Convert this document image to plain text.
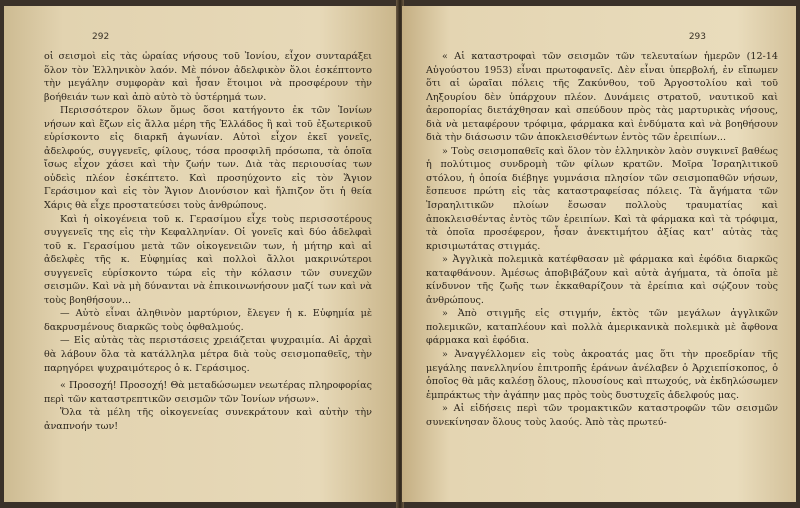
292

οἱ σεισμοὶ εἰς τὰς ὡραίας νήσους τοῦ Ἰονίου, εἶχον συνταράξει ὅλον τὸν Ἑλληνικὸν λαόν. Μὲ πόνον ἀδελφικὸν ὅλοι ἐσκέπτοντο τὴν μεγάλην συμφορὰν καὶ ἦσαν ἕτοιμοι νὰ προσφέρουν τὴν βοήθειάν των καὶ ἀπὸ αὐτὸ τὸ ὑστέρημά των.

Περισσότερον ὅλων ὅμως ὅσοι κατήγοντο ἐκ τῶν Ἰονίων νήσων καὶ ἔζων εἰς ἄλλα μέρη τῆς Ἑλλάδος ἢ καὶ τοῦ ἐξωτερικοῦ εὑρίσκοντο εἰς διαρκῆ ἀγωνίαν. Αὐτοὶ εἶχον ἐκεῖ γονεῖς, ἀδελφούς, συγγενεῖς, φίλους, τόσα προσφιλῆ πρόσωπα, τὰ ὁποῖα ἴσως εἶχον χάσει καὶ τὴν ζωήν των. Διὰ τὰς περιουσίας των οὐδεὶς πλέον ἐσκέπτετο. Καὶ προσηύχοντο εἰς τὸν Ἅγιον Γεράσιμον καὶ εἰς τὸν Ἅγιον Διονύσιον καὶ ἤλπιζον ὅτι ἡ θεία Χάρις θὰ εἶχε προστατεύσει τοὺς ἀνθρώπους.

Καὶ ἡ οἰκογένεια τοῦ κ. Γερασίμου εἶχε τοὺς περισσοτέρους συγγενεῖς της εἰς τὴν Κεφαλληνίαν. Οἱ γονεῖς καὶ δύο ἀδελφαὶ τοῦ κ. Γερασίμου μετὰ τῶν οἰκογενειῶν των, ἡ μήτηρ καὶ αἱ ἀδελφὲς τῆς κ. Εὐφημίας καὶ πολλοὶ ἄλλοι μακρινώτεροι συγγενεῖς εὑρίσκοντο τώρα εἰς τὴν κόλασιν τῶν συνεχῶν σεισμῶν. Καὶ νὰ μὴ δύνανται νὰ ἐπικοινωνήσουν μαζί των καὶ νὰ τοὺς βοηθήσουν...

— Αὐτὸ εἶναι ἀληθινὸν μαρτύριον, ἔλεγεν ἡ κ. Εὐφημία μὲ δακρυσμένους διαρκῶς τοὺς ὀφθαλμούς.

— Εἰς αὐτὰς τὰς περιστάσεις χρειάζεται ψυχραιμία. Αἱ ἀρχαὶ θὰ λάβουν ὅλα τὰ κατάλληλα μέτρα διὰ τοὺς σεισμοπαθεῖς, τὴν παρηγόρει ψυχραιμότερος ὁ κ. Γεράσιμος.

« Προσοχή! Προσοχή! Θὰ μεταδώσωμεν νεωτέρας πληροφορίας περὶ τῶν καταστρεπτικῶν σεισμῶν τῶν Ἰονίων νήσων».

Ὅλα τὰ μέλη τῆς οἰκογενείας συνεκράτουν καὶ αὐτὴν τὴν ἀναπνοήν των!

293

« Αἱ καταστροφαὶ τῶν σεισμῶν τῶν τελευταίων ἡμερῶν (12-14 Αὐγούστου 1953) εἶναι πρωτοφανεῖς. Δὲν εἶναι ὑπερβολή, ἐν εἴπωμεν ὅτι αἱ ὡραῖαι πόλεις τῆς Ζακύνθου, τοῦ Ἀργοστολίου καὶ τοῦ Ληξουρίου δὲν ὑπάρχουν πλέον. Δυνάμεις στρατοῦ, ναυτικοῦ καὶ ἀεροπορίας διετάχθησαν καὶ σπεύδουν πρὸς τὰς μαρτυρικὰς νήσους, διὰ νὰ μεταφέρουν τρόφιμα, φάρμακα καὶ ἐνδύματα καὶ νὰ βοηθήσουν διὰ τὴν διάσωσιν τῶν ἀποκλεισθέντων ἐντὸς τῶν ἐρειπίων...

» Τοὺς σεισμοπαθεῖς καὶ ὅλον τὸν ἑλληνικὸν λαὸν συγκινεῖ βαθέως ἡ πολύτιμος συνδρομὴ τῶν φίλων κρατῶν. Μοῖρα Ἰσραηλιτικοῦ στόλου, ἡ ὁποία διέβηγε γυμνάσια πλησίον τῶν σεισμοπαθῶν νήσων, ἔσπευσε πρώτη εἰς τὰς καταστραφείσας πόλεις. Τὰ ἄγήματα τῶν Ἰσραηλιτικῶν πλοίων ἔσωσαν πολλοὺς τραυματίας καὶ ἀποκλεισθέντας ἐντὸς τῶν ἐρειπίων. Καὶ τὰ φάρμακα καὶ τὰ τρόφιμα, τὰ ὁποῖα προσέφερον, ἦσαν ἀνεκτιμήτου ἀξίας κατ' αὐτὰς τὰς κρισιμωτάτας στιγμάς.

» Ἀγγλικὰ πολεμικὰ κατέφθασαν μὲ φάρμακα καὶ ἐφόδια διαρκῶς καταφθάνουν. Ἀμέσως ἀποβιβάζουν καὶ αὐτὰ ἀγήματα, τὰ ὁποῖα μὲ κίνδυνον τῆς ζωῆς των ἐκκαθαρίζουν τὰ ἐρείπια καὶ σῴζουν τοὺς ἀνθρώπους.

» Ἀπὸ στιγμῆς εἰς στιγμήν, ἐκτὸς τῶν μεγάλων ἀγγλικῶν πολεμικῶν, καταπλέουν καὶ πολλὰ ἀμερικανικὰ πολεμικὰ μὲ ἄφθονα φάρμακα καὶ ἐφόδια.

» Ἀναγγέλλομεν εἰς τοὺς ἀκροατάς μας ὅτι τὴν προεδρίαν τῆς μεγάλης πανελληνίου ἐπιτροπῆς ἐράνων ἀνέλαβεν ὁ Ἀρχιεπίσκοπος, ὁ ὁποῖος θὰ μᾶς καλέσῃ ὅλους, πλουσίους καὶ πτωχούς, νὰ ἐκδηλώσωμεν ἐμπράκτως τὴν ἀγάπην μας πρὸς τοὺς δυστυχεῖς ἀδελφούς μας.

» Αἱ εἰδήσεις περὶ τῶν τρομακτικῶν καταστροφῶν τῶν σεισμῶν συνεκίνησαν ὅλους τοὺς λαούς. Ἀπὸ τὰς πρωτεύ-
